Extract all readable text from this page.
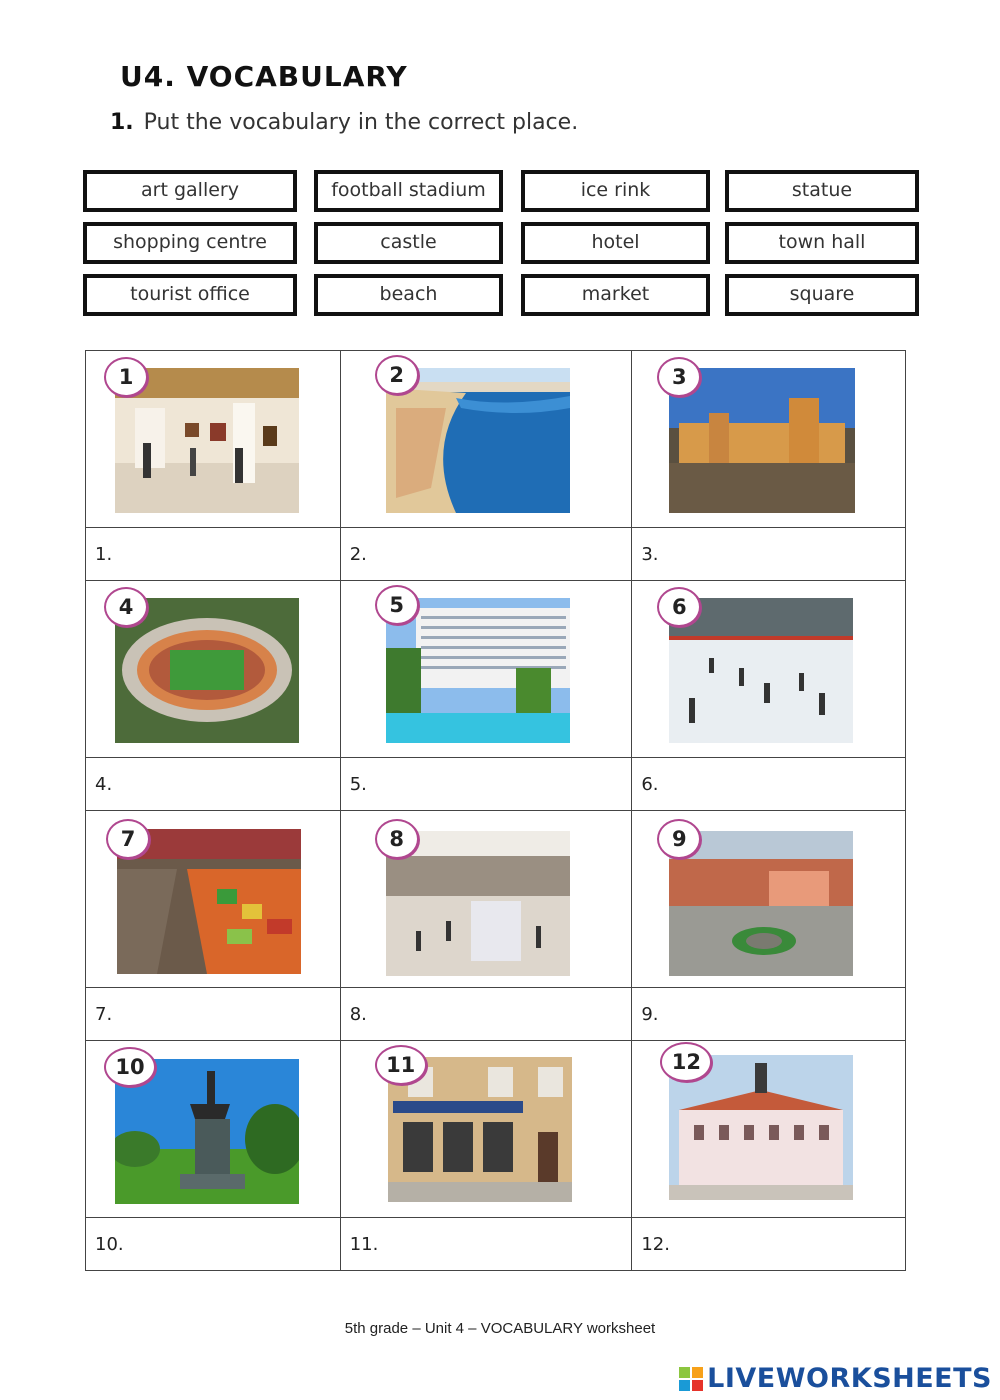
U4. VOCABULARY
1. Put the vocabulary in the correct place.
art gallery	football stadium	ice rink	statue
shopping centre	castle	hotel	town hall
tourist office	beach	market	square
1	2	3

1.	2.	3.

4	5	6

4.	5.	6.

7	8	9

7.	8.	9.

10	11	12

10.	11.	12.
5th grade – Unit 4 – VOCABULARY worksheet
LIVEWORKSHEETS
